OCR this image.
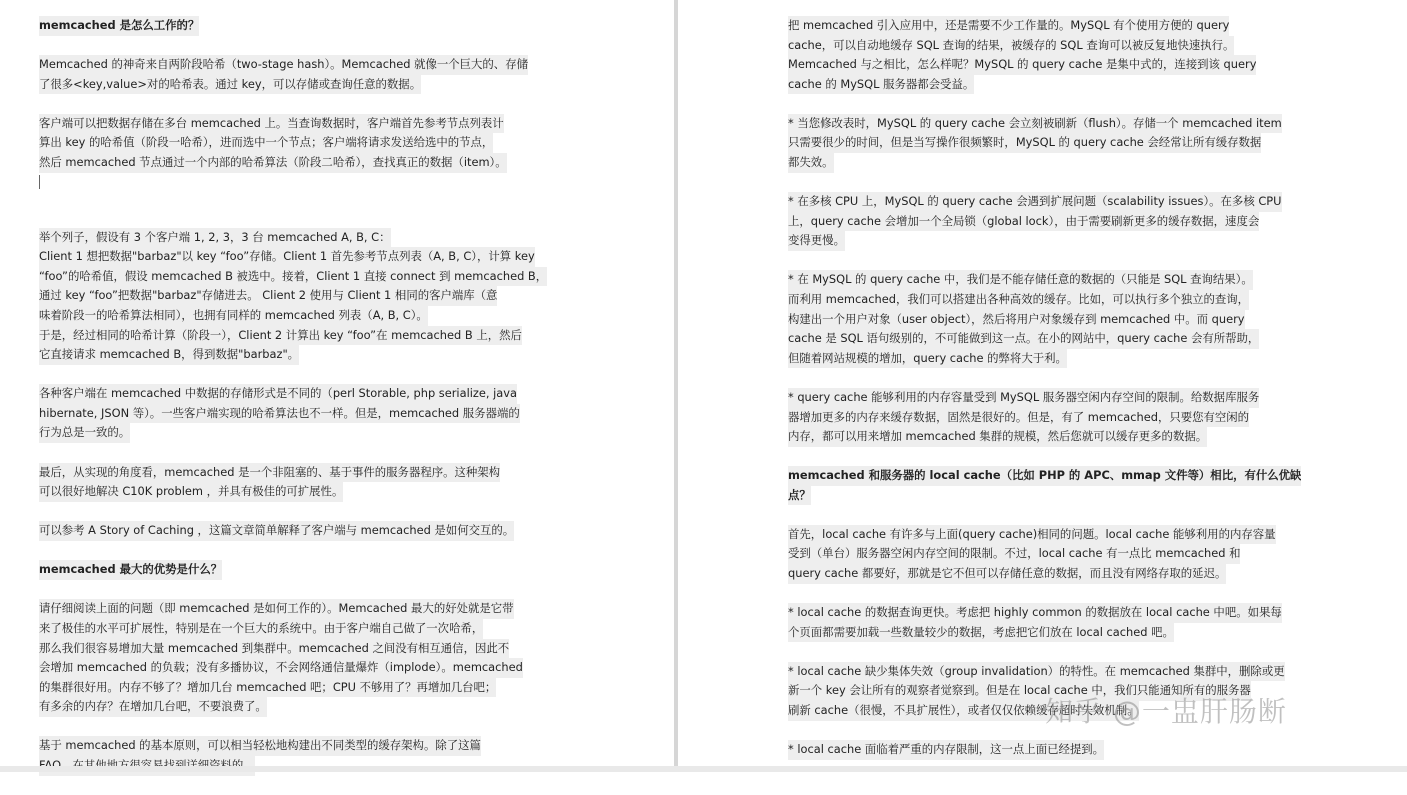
memcached 是怎么工作的？
Memcached 的神奇来自两阶段哈希（two-stage hash）。Memcached 就像一个巨大的、存储
了很多<key,value>对的哈希表。通过 key，可以存储或查询任意的数据。
客户端可以把数据存储在多台 memcached 上。当查询数据时，客户端首先参考节点列表计
算出 key 的哈希值（阶段一哈希），进而选中一个节点；客户端将请求发送给选中的节点，
然后 memcached 节点通过一个内部的哈希算法（阶段二哈希），查找真正的数据（item）。
举个列子，假设有 3 个客户端 1, 2, 3，3 台 memcached A, B, C：
Client 1 想把数据"barbaz"以 key “foo”存储。Client 1 首先参考节点列表（A, B, C），计算 key
“foo”的哈希值，假设 memcached B 被选中。接着，Client 1 直接 connect 到 memcached B，
通过 key “foo”把数据"barbaz"存储进去。 Client 2 使用与 Client 1 相同的客户端库（意
味着阶段一的哈希算法相同），也拥有同样的 memcached 列表（A, B, C）。
于是，经过相同的哈希计算（阶段一），Client 2 计算出 key “foo”在 memcached B 上，然后
它直接请求 memcached B，得到数据"barbaz"。
各种客户端在 memcached 中数据的存储形式是不同的（perl Storable, php serialize, java
hibernate, JSON 等）。一些客户端实现的哈希算法也不一样。但是，memcached 服务器端的
行为总是一致的。
最后，从实现的角度看，memcached 是一个非阻塞的、基于事件的服务器程序。这种架构
可以很好地解决 C10K problem ，并具有极佳的可扩展性。
可以参考 A Story of Caching ，这篇文章简单解释了客户端与 memcached 是如何交互的。
memcached 最大的优势是什么？
请仔细阅读上面的问题（即 memcached 是如何工作的）。Memcached 最大的好处就是它带
来了极佳的水平可扩展性，特别是在一个巨大的系统中。由于客户端自己做了一次哈希，
那么我们很容易增加大量 memcached 到集群中。memcached 之间没有相互通信，因此不
会增加 memcached 的负载；没有多播协议，不会网络通信量爆炸（implode）。memcached
的集群很好用。内存不够了？增加几台 memcached 吧；CPU 不够用了？再增加几台吧；
有多余的内存？在增加几台吧，不要浪费了。
基于 memcached 的基本原则，可以相当轻松地构建出不同类型的缓存架构。除了这篇
把 memcached 引入应用中，还是需要不少工作量的。MySQL 有个使用方便的 query
cache，可以自动地缓存 SQL 查询的结果，被缓存的 SQL 查询可以被反复地快速执行。
Memcached 与之相比，怎么样呢？MySQL 的 query cache 是集中式的，连接到该 query
cache 的 MySQL 服务器都会受益。
* 当您修改表时，MySQL 的 query cache 会立刻被刷新（flush）。存储一个 memcached item
只需要很少的时间，但是当写操作很频繁时，MySQL 的 query cache 会经常让所有缓存数据
都失效。
* 在多核 CPU 上，MySQL 的 query cache 会遇到扩展问题（scalability issues）。在多核 CPU
上，query cache 会增加一个全局锁（global lock），由于需要刷新更多的缓存数据，速度会
变得更慢。
* 在 MySQL 的 query cache 中，我们是不能存储任意的数据的（只能是 SQL 查询结果）。
而利用 memcached，我们可以搭建出各种高效的缓存。比如，可以执行多个独立的查询，
构建出一个用户对象（user object），然后将用户对象缓存到 memcached 中。而 query
cache 是 SQL 语句级别的，不可能做到这一点。在小的网站中，query cache 会有所帮助，
但随着网站规模的增加，query cache 的弊将大于利。
* query cache 能够利用的内存容量受到 MySQL 服务器空闲内存空间的限制。给数据库服务
器增加更多的内存来缓存数据，固然是很好的。但是，有了 memcached，只要您有空闲的
内存，都可以用来增加 memcached 集群的规模，然后您就可以缓存更多的数据。
memcached 和服务器的 local cache（比如 PHP 的 APC、mmap 文件等）相比，有什么优缺
点？
首先，local cache 有许多与上面(query cache)相同的问题。local cache 能够利用的内存容量
受到（单台）服务器空闲内存空间的限制。不过，local cache 有一点比 memcached 和
query cache 都要好，那就是它不但可以存储任意的数据，而且没有网络存取的延迟。
* local cache 的数据查询更快。考虑把 highly common 的数据放在 local cache 中吧。如果每
个页面都需要加载一些数量较少的数据，考虑把它们放在 local cached 吧。
* local cache 缺少集体失效（group invalidation）的特性。在 memcached 集群中，删除或更
新一个 key 会让所有的观察者觉察到。但是在 local cache 中，我们只能通知所有的服务器
刷新 cache（很慢，不具扩展性），或者仅仅依赖缓存超时失效机制。
* local cache 面临着严重的内存限制，这一点上面已经提到。
知乎 @一盅肝肠断
